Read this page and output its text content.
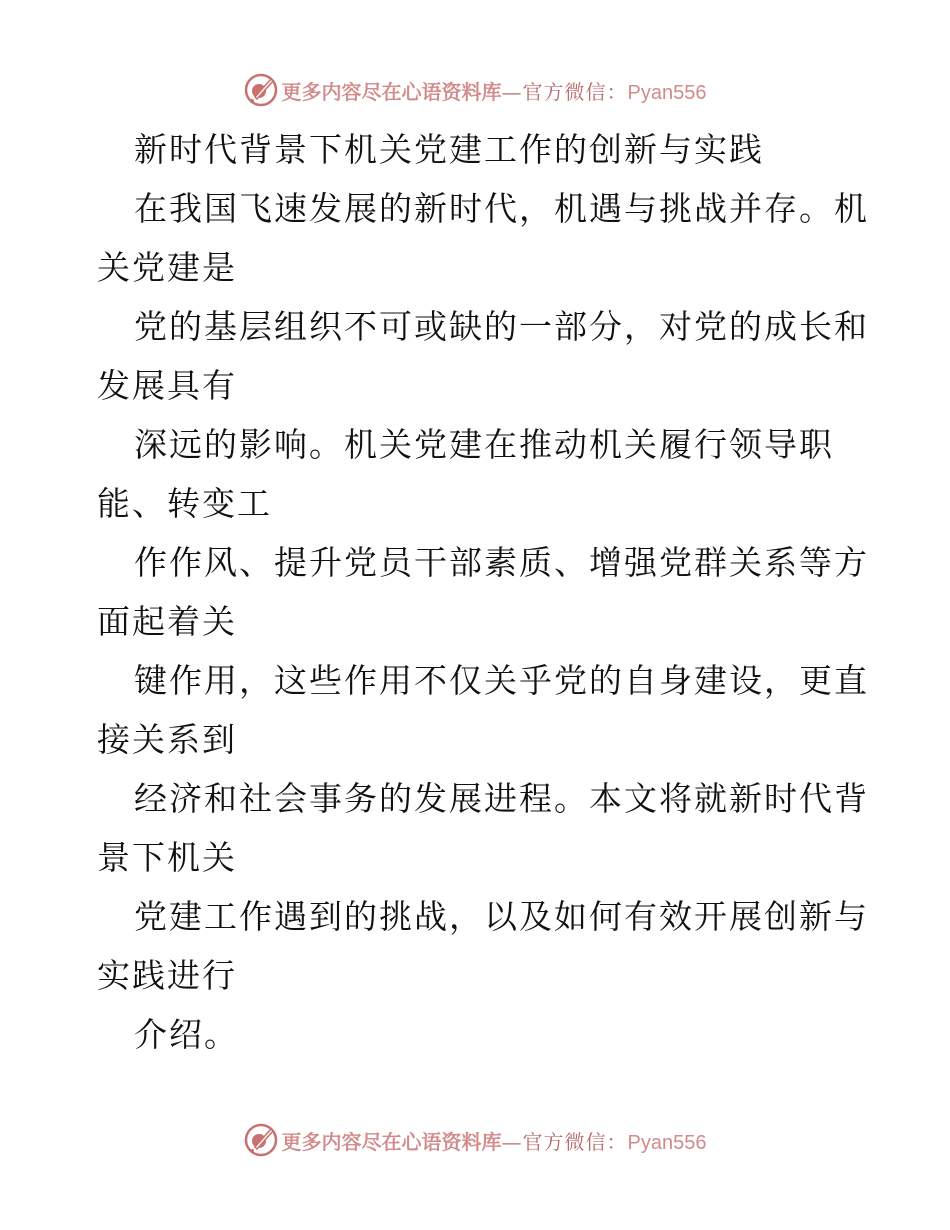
更多内容尽在心语资料库 —官方微信： Pyan556
新时代背景下机关党建工作的创新与实践
在我国飞速发展的新时代，机遇与挑战并存。机
关党建是
党的基层组织不可或缺的一部分，对党的成长和
发展具有
深远的影响。机关党建在推动机关履行领导职
能、转变工
作作风、提升党员干部素质、增强党群关系等方
面起着关
键作用，这些作用不仅关乎党的自身建设，更直
接关系到
经济和社会事务的发展进程。本文将就新时代背
景下机关
党建工作遇到的挑战，以及如何有效开展创新与
实践进行
介绍。
更多内容尽在心语资料库 —官方微信： Pyan556
